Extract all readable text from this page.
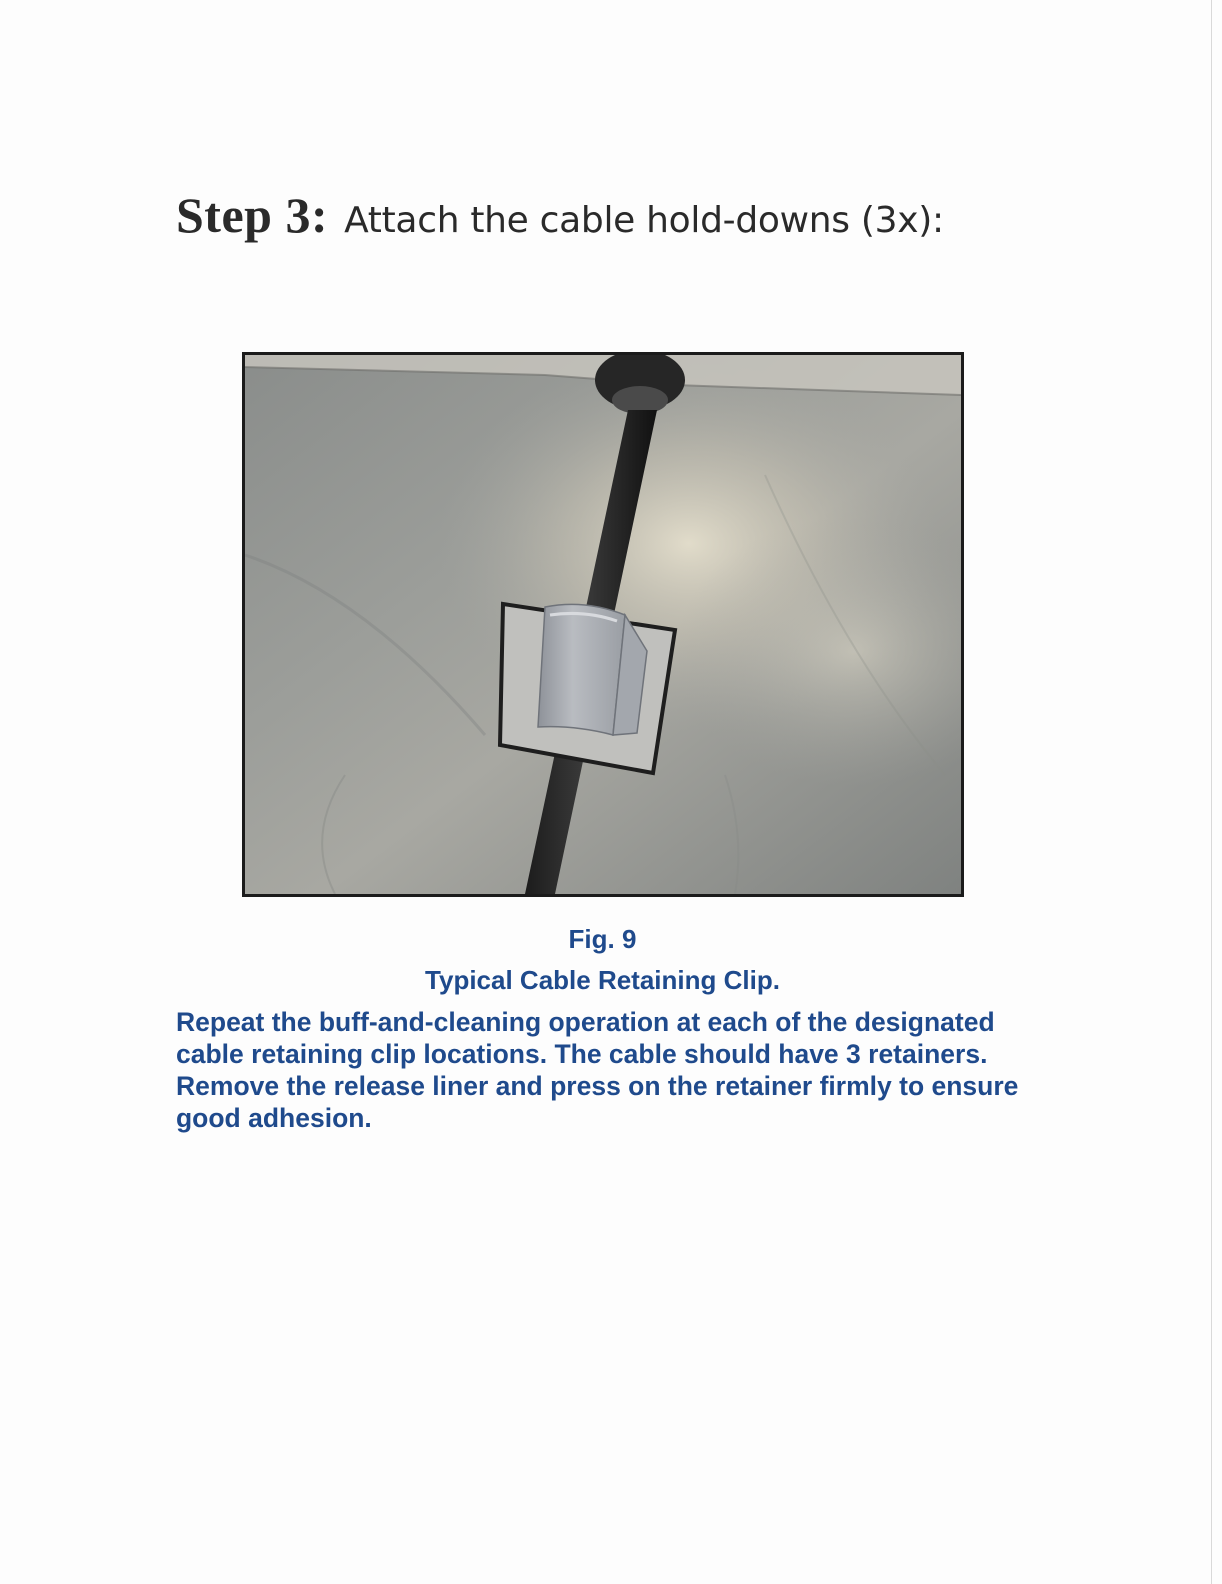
Step 3: Attach the cable hold-downs (3x):
Fig. 9
Typical Cable Retaining Clip.

Repeat the buff-and-cleaning operation at each of the designated

cable retaining clip locations. The cable should have 3 retainers.

Remove the release liner and press on the retainer firmly to ensure

good adhesion.
